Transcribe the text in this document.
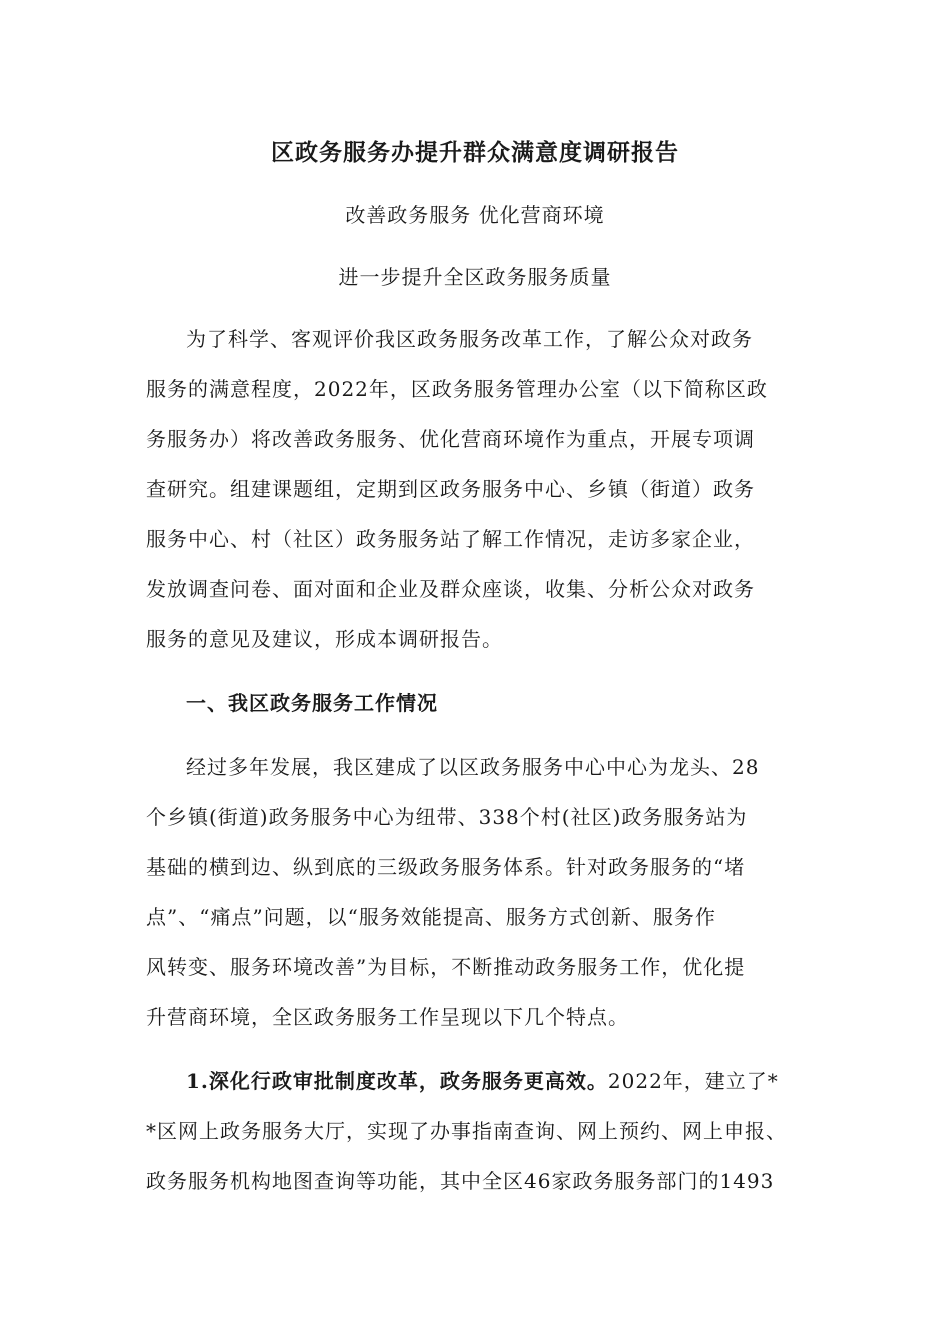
区政务服务办提升群众满意度调研报告
改善政务服务 优化营商环境
进一步提升全区政务服务质量
为了科学、客观评价我区政务服务改革工作，了解公众对政务
服务的满意程度，2022年，区政务服务管理办公室（以下简称区政
务服务办）将改善政务服务、优化营商环境作为重点，开展专项调
查研究。组建课题组，定期到区政务服务中心、乡镇（街道）政务
服务中心、村（社区）政务服务站了解工作情况，走访多家企业，
发放调查问卷、面对面和企业及群众座谈，收集、分析公众对政务
服务的意见及建议，形成本调研报告。
一、我区政务服务工作情况
经过多年发展，我区建成了以区政务服务中心中心为龙头、28
个乡镇(街道)政务服务中心为纽带、338个村(社区)政务服务站为
基础的横到边、纵到底的三级政务服务体系。针对政务服务的“堵
点”、“痛点”问题，以“服务效能提高、服务方式创新、服务作
风转变、服务环境改善”为目标，不断推动政务服务工作，优化提
升营商环境，全区政务服务工作呈现以下几个特点。
1.深化行政审批制度改革，政务服务更高效。2022年，建立了*
*区网上政务服务大厅，实现了办事指南查询、网上预约、网上申报、
政务服务机构地图查询等功能，其中全区46家政务服务部门的1493
